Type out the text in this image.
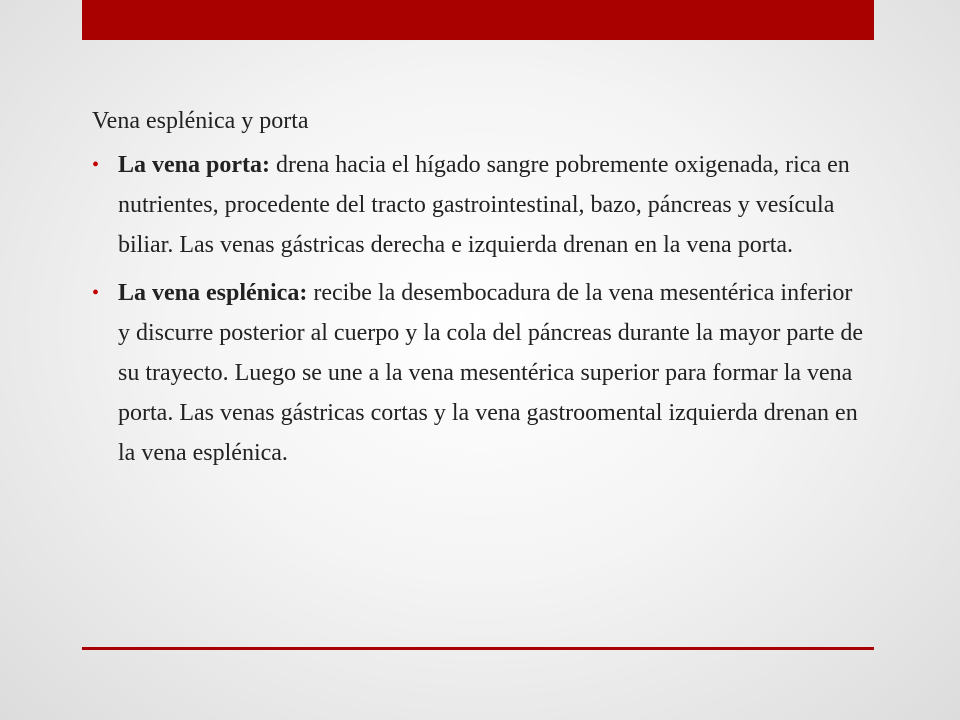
Vena esplénica y porta
• La vena porta: drena hacia el hígado sangre pobremente oxigenada, rica en nutrientes, procedente del tracto gastrointestinal, bazo, páncreas y vesícula biliar. Las venas gástricas derecha e izquierda drenan en la vena porta.
• La vena esplénica: recibe la desembocadura de la vena mesentérica inferior y discurre posterior al cuerpo y la cola del páncreas durante la mayor parte de su trayecto. Luego se une a la vena mesentérica superior para formar la vena porta. Las venas gástricas cortas y la vena gastroomental izquierda drenan en la vena esplénica.
